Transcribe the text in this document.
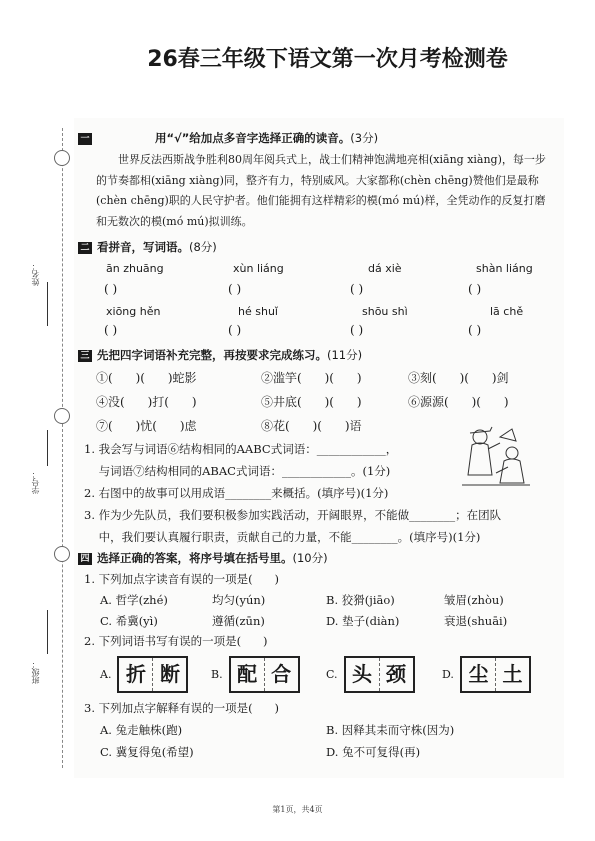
26春三年级下语文第一次月考检测卷
姓名：
学号：
班级：
一	用“√”给加点多音字选择正确的读音。(3分)
世界反法西斯战争胜利80周年阅兵式上，战士们精神饱满地亮相(xiāng xiàng)，每一步的节奏都相(xiāng xiàng)同，整齐有力，特别威风。大家都称(chèn chēng)赞他们是最称(chèn chēng)职的人民守护者。他们能拥有这样精彩的模(mó mú)样，全凭动作的反复打磨和无数次的模(mó mú)拟训练。
二 看拼音，写词语。(8分)
ān zhuāng	xùn liáng	dá xiè	shàn liáng
( )	( )	( )	( )
xiōng hěn	hé shuǐ	shōu shì	lā chě
( )	( )	( )	( )
三 先把四字词语补充完整，再按要求完成练习。(11分)
①(      )(      )蛇影	②滥竽(      )(      )	③刻(      )(      )剑
④没(      )打(      )	⑤井底(      )(      )	⑥源源(      )(      )
⑦(      )忧(      )虑	⑧花(      )(      )语
1. 我会写与词语⑥结构相同的AABC式词语：____________，
与词语⑦结构相同的ABAC式词语：____________。(1分)
2. 右图中的故事可以用成语________来概括。(填序号)(1分)
3. 作为少先队员，我们要积极参加实践活动，开阔眼界，不能做________；在团队
中，我们要认真履行职责，贡献自己的力量，不能________。(填序号)(1分)
四 选择正确的答案，将序号填在括号里。(10分)
1. 下列加点字读音有误的一项是(      )
A. 哲学(zhé)	均匀(yún)	B. 狡猾(jiāo)	皱眉(zhòu)
C. 希冀(yì)	遵循(zūn)	D. 垫子(diàn)	衰退(shuāi)
2. 下列词语书写有误的一项是(      )
A. 折 断	B. 配 合	C. 头 颈	D. 尘 土
3. 下列加点字解释有误的一项是(      )
A. 兔走触株(跑)	B. 因释其耒而守株(因为)
C. 冀复得兔(希望)	D. 兔不可复得(再)
第1页，共4页
